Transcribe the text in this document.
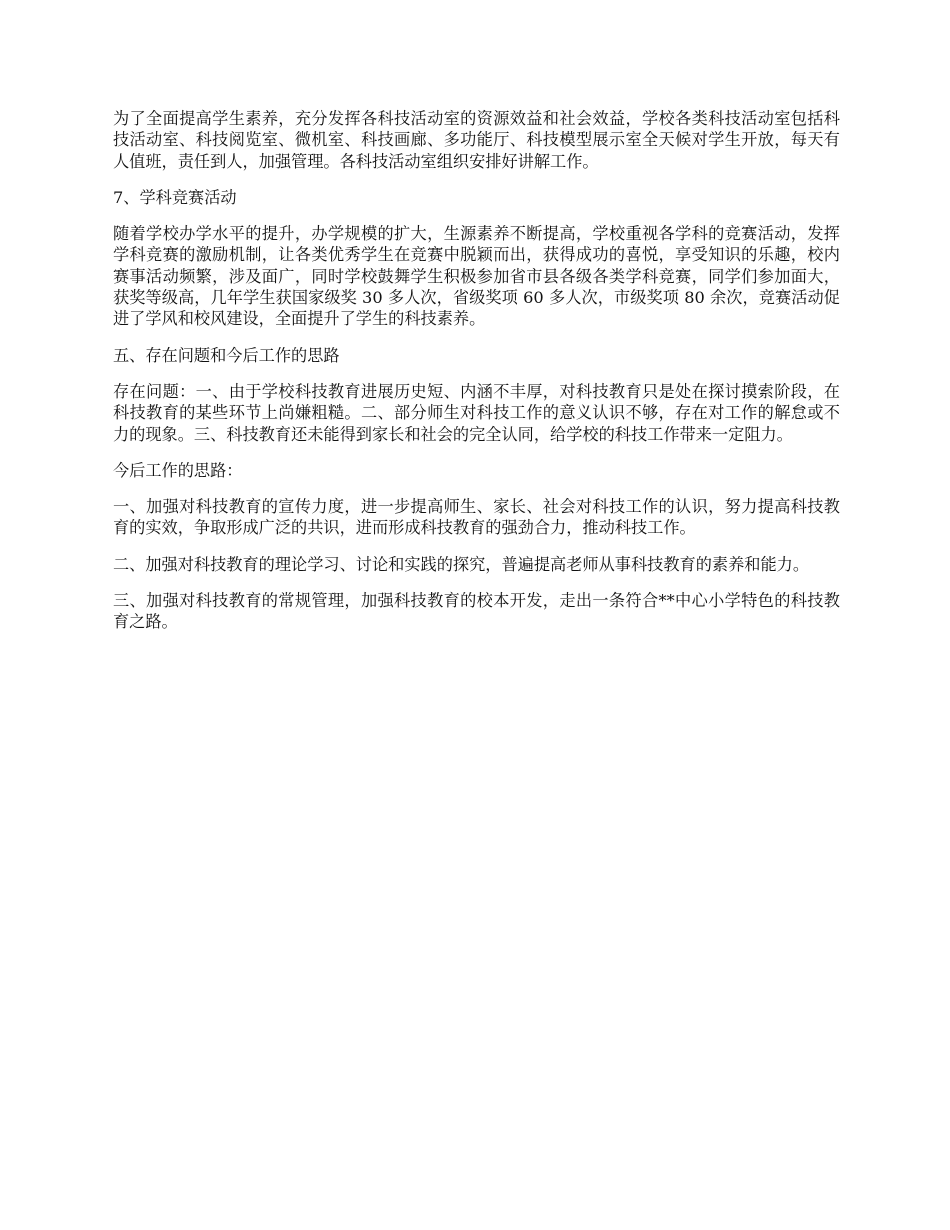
为了全面提高学生素养，充分发挥各科技活动室的资源效益和社会效益，学校各类科技活动室包括科技活动室、科技阅览室、微机室、科技画廊、多功能厅、科技模型展示室全天候对学生开放，每天有人值班，责任到人，加强管理。各科技活动室组织安排好讲解工作。

7、学科竞赛活动

随着学校办学水平的提升，办学规模的扩大，生源素养不断提高，学校重视各学科的竞赛活动，发挥学科竞赛的激励机制，让各类优秀学生在竞赛中脱颖而出，获得成功的喜悦，享受知识的乐趣，校内赛事活动频繁，涉及面广，同时学校鼓舞学生积极参加省市县各级各类学科竞赛，同学们参加面大，获奖等级高，几年学生获国家级奖 30 多人次，省级奖项 60 多人次，市级奖项 80 余次，竞赛活动促进了学风和校风建设，全面提升了学生的科技素养。

五、存在问题和今后工作的思路

存在问题：一、由于学校科技教育进展历史短、内涵不丰厚，对科技教育只是处在探讨摸索阶段，在科技教育的某些环节上尚嫌粗糙。二、部分师生对科技工作的意义认识不够，存在对工作的解怠或不力的现象。三、科技教育还未能得到家长和社会的完全认同，给学校的科技工作带来一定阻力。

今后工作的思路：

一、加强对科技教育的宣传力度，进一步提高师生、家长、社会对科技工作的认识，努力提高科技教育的实效，争取形成广泛的共识，进而形成科技教育的强劲合力，推动科技工作。

二、加强对科技教育的理论学习、讨论和实践的探究，普遍提高老师从事科技教育的素养和能力。

三、加强对科技教育的常规管理，加强科技教育的校本开发，走出一条符合**中心小学特色的科技教育之路。
